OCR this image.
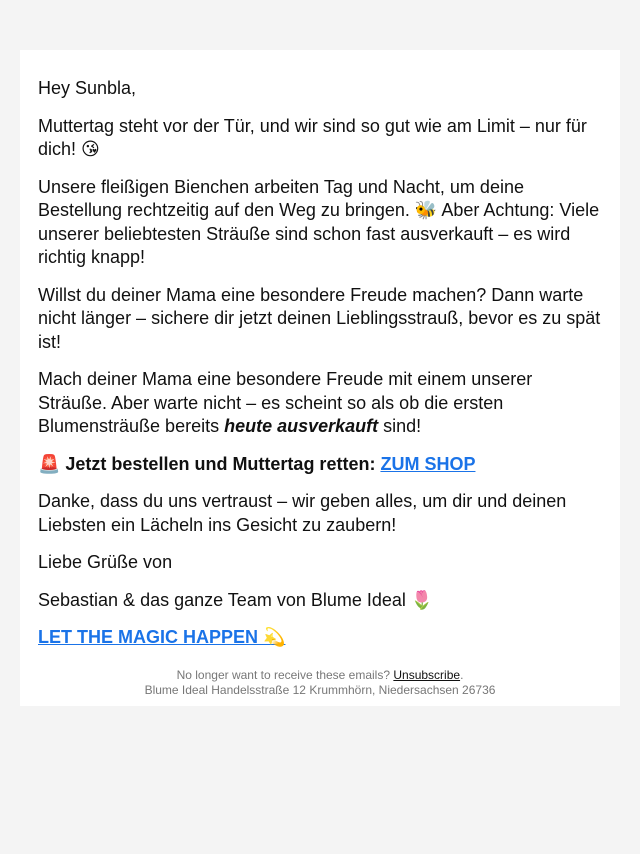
Hey Sunbla,

Muttertag steht vor der Tür, und wir sind so gut wie am Limit – nur für dich! 😘

Unsere fleißigen Bienchen arbeiten Tag und Nacht, um deine Bestellung rechtzeitig auf den Weg zu bringen. 🐝 Aber Achtung: Viele unserer beliebtesten Sträuße sind schon fast ausverkauft – es wird richtig knapp!

Willst du deiner Mama eine besondere Freude machen? Dann warte nicht länger – sichere dir jetzt deinen Lieblingsstrauß, bevor es zu spät ist!

Mach deiner Mama eine besondere Freude mit einem unserer Sträuße. Aber warte nicht – es scheint so als ob die ersten Blumensträuße bereits heute ausverkauft sind!

🚨 Jetzt bestellen und Muttertag retten: ZUM SHOP

Danke, dass du uns vertraust – wir geben alles, um dir und deinen Liebsten ein Lächeln ins Gesicht zu zaubern!

Liebe Grüße von

Sebastian & das ganze Team von Blume Ideal 🌷

LET THE MAGIC HAPPEN 💫

No longer want to receive these emails? Unsubscribe.
Blume Ideal Handelsstraße 12 Krummhörn, Niedersachsen 26736
